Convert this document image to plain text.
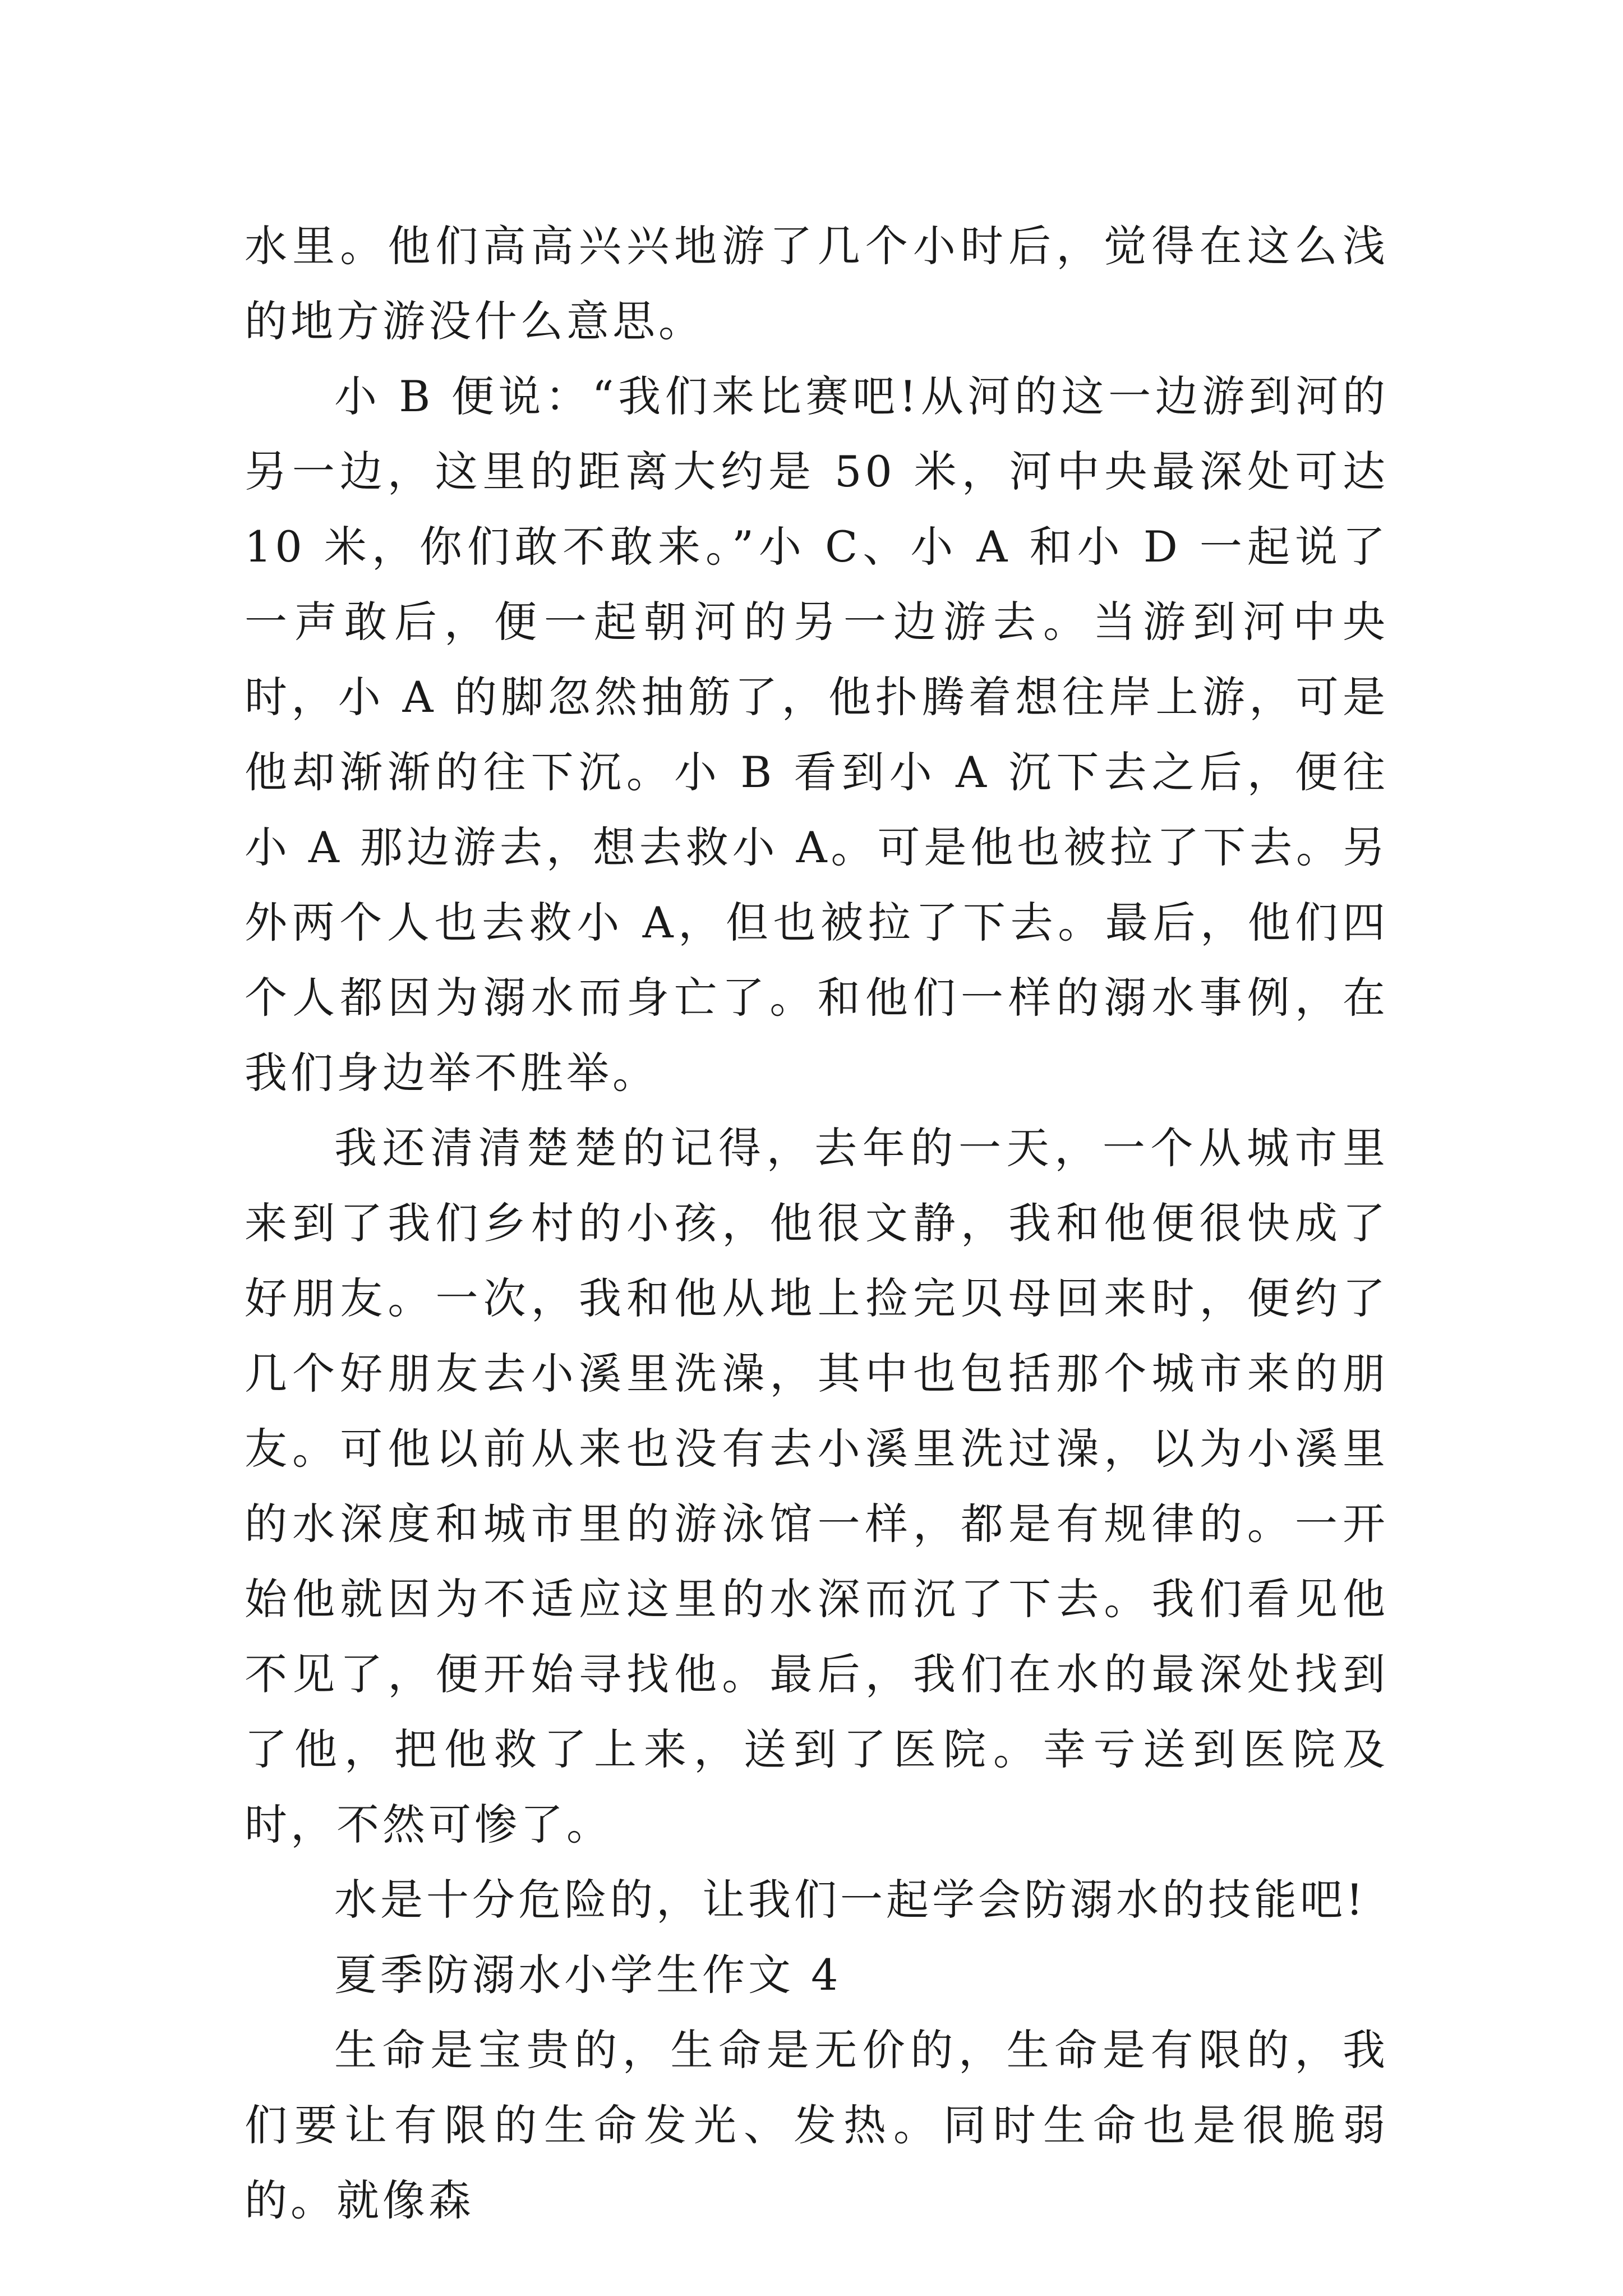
水里。他们高高兴兴地游了几个小时后，觉得在这么浅的地方游没什么意思。

小 B 便说：“我们来比赛吧!从河的这一边游到河的另一边，这里的距离大约是 50 米，河中央最深处可达 10 米，你们敢不敢来。”小 C、小 A 和小 D 一起说了一声敢后，便一起朝河的另一边游去。当游到河中央时，小 A 的脚忽然抽筋了，他扑腾着想往岸上游，可是他却渐渐的往下沉。小 B 看到小 A 沉下去之后，便往小 A 那边游去，想去救小 A。可是他也被拉了下去。另外两个人也去救小 A，但也被拉了下去。最后，他们四个人都因为溺水而身亡了。和他们一样的溺水事例，在我们身边举不胜举。

我还清清楚楚的记得，去年的一天，一个从城市里来到了我们乡村的小孩，他很文静，我和他便很快成了好朋友。一次，我和他从地上捡完贝母回来时，便约了几个好朋友去小溪里洗澡，其中也包括那个城市来的朋友。可他以前从来也没有去小溪里洗过澡，以为小溪里的水深度和城市里的游泳馆一样，都是有规律的。一开始他就因为不适应这里的水深而沉了下去。我们看见他不见了，便开始寻找他。最后，我们在水的最深处找到了他，把他救了上来，送到了医院。幸亏送到医院及时，不然可惨了。

水是十分危险的，让我们一起学会防溺水的技能吧!

夏季防溺水小学生作文 4

生命是宝贵的，生命是无价的，生命是有限的，我们要让有限的生命发光、发热。同时生命也是很脆弱的。就像森
